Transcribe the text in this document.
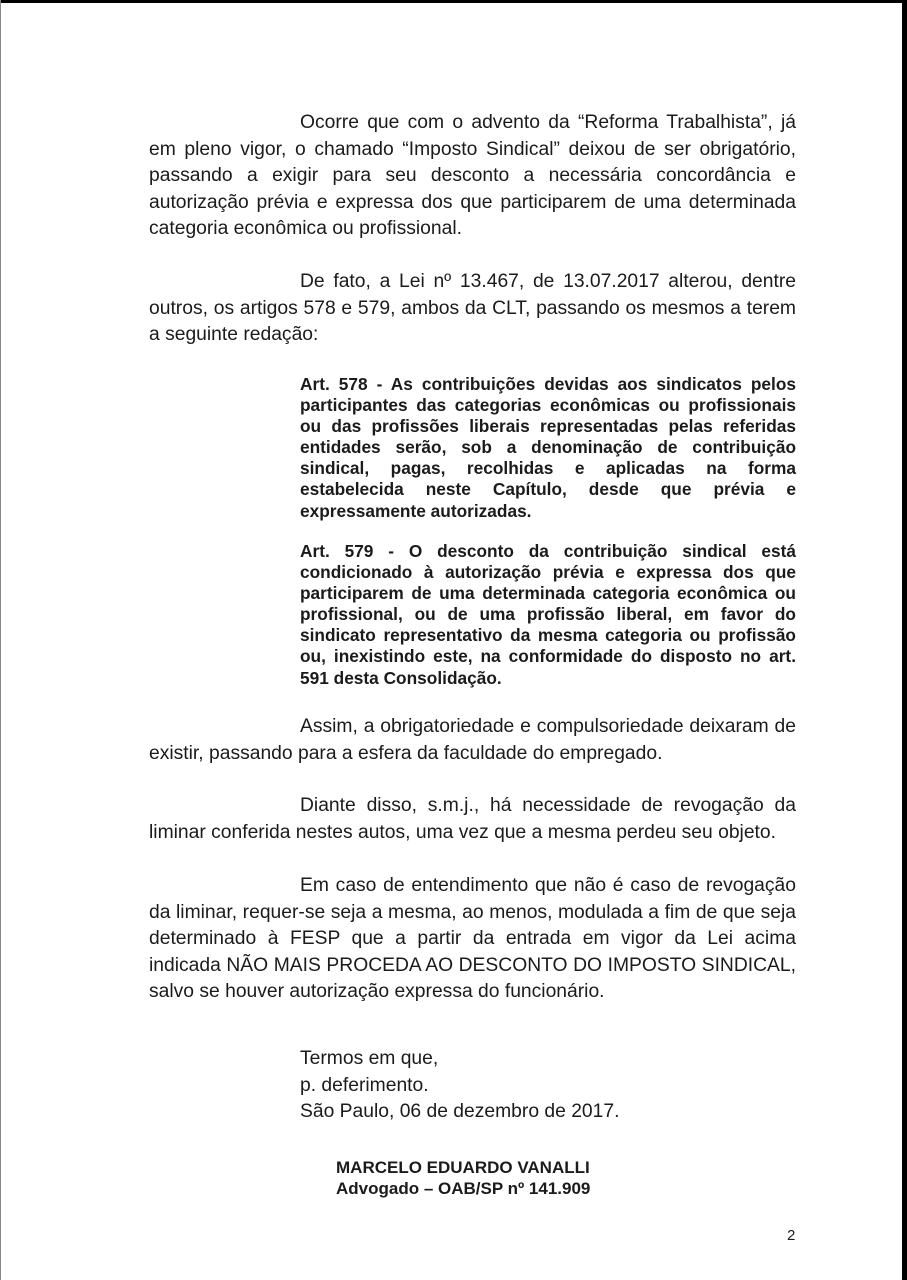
Ocorre que com o advento da “Reforma Trabalhista”, já em pleno vigor, o chamado “Imposto Sindical” deixou de ser obrigatório, passando a exigir para seu desconto a necessária concordância e autorização prévia e expressa dos que participarem de uma determinada categoria econômica ou profissional.

De fato, a Lei nº 13.467, de 13.07.2017 alterou, dentre outros, os artigos 578 e 579, ambos da CLT, passando os mesmos a terem a seguinte redação:

Art. 578 - As contribuições devidas aos sindicatos pelos participantes das categorias econômicas ou profissionais ou das profissões liberais representadas pelas referidas entidades serão, sob a denominação de contribuição sindical, pagas, recolhidas e aplicadas na forma estabelecida neste Capítulo, desde que prévia e expressamente autorizadas.

Art. 579 - O desconto da contribuição sindical está condicionado à autorização prévia e expressa dos que participarem de uma determinada categoria econômica ou profissional, ou de uma profissão liberal, em favor do sindicato representativo da mesma categoria ou profissão ou, inexistindo este, na conformidade do disposto no art. 591 desta Consolidação.

Assim, a obrigatoriedade e compulsoriedade deixaram de existir, passando para a esfera da faculdade do empregado.

Diante disso, s.m.j., há necessidade de revogação da liminar conferida nestes autos, uma vez que a mesma perdeu seu objeto.

Em caso de entendimento que não é caso de revogação da liminar, requer-se seja a mesma, ao menos, modulada a fim de que seja determinado à FESP que a partir da entrada em vigor da Lei acima indicada NÃO MAIS PROCEDA AO DESCONTO DO IMPOSTO SINDICAL, salvo se houver autorização expressa do funcionário.

Termos em que,
p. deferimento.
São Paulo, 06 de dezembro de 2017.
MARCELO EDUARDO VANALLI
Advogado – OAB/SP nº 141.909
2
